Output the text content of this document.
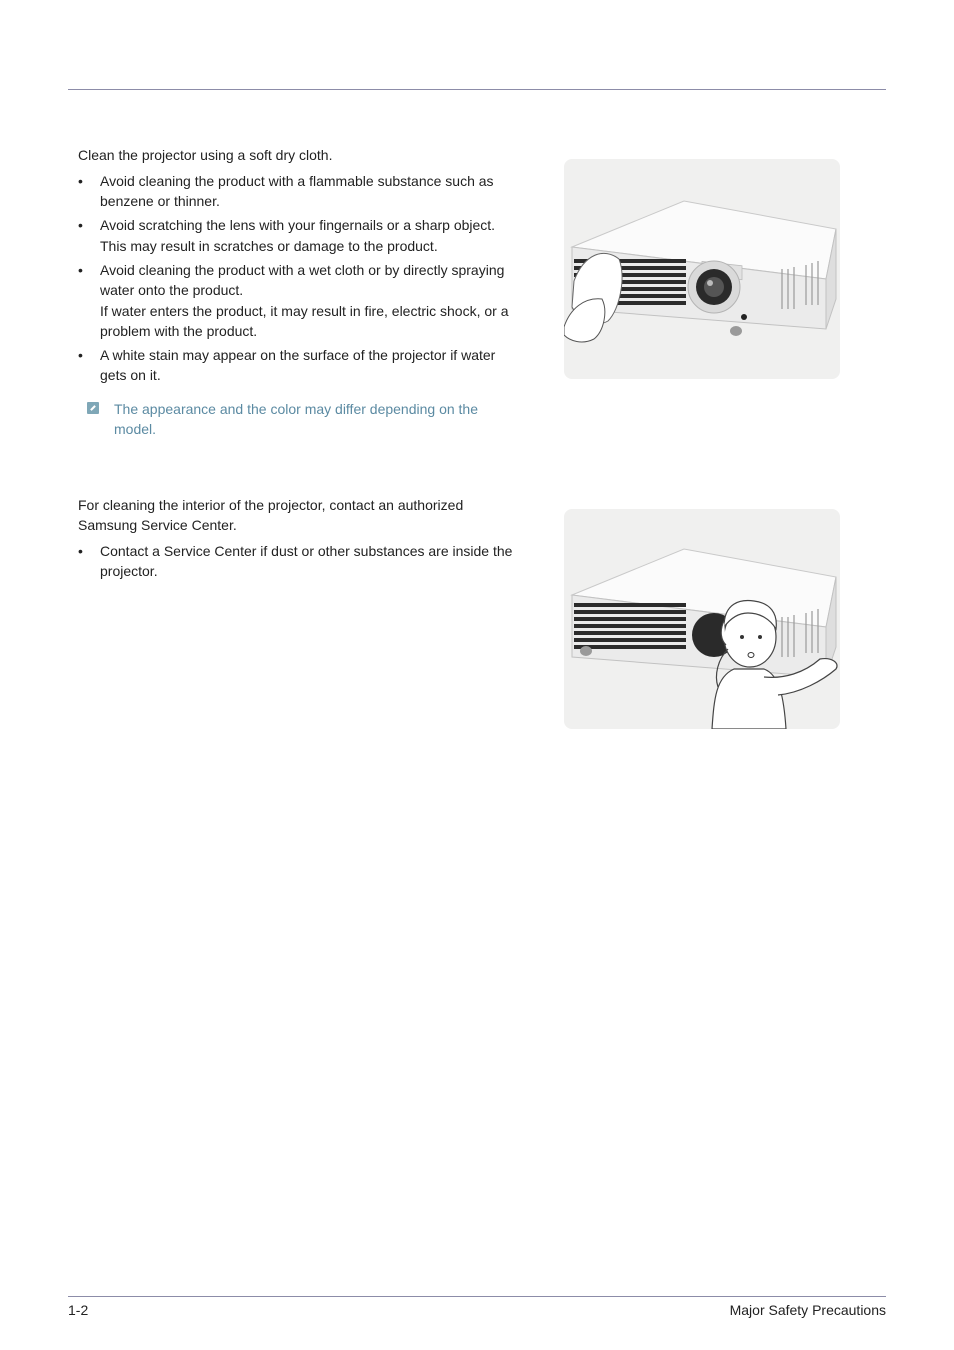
Clean the projector using a soft dry cloth.

• Avoid cleaning the product with a flammable substance such as benzene or thinner.
• Avoid scratching the lens with your fingernails or a sharp object.
This may result in scratches or damage to the product.
• Avoid cleaning the product with a wet cloth or by directly spraying water onto the product.
If water enters the product, it may result in fire, electric shock, or a problem with the product.
• A white stain may appear on the surface of the projector if water gets on it.
The appearance and the color may differ depending on the model.

For cleaning the interior of the projector, contact an authorized Samsung Service Center.

• Contact a Service Center if dust or other substances are inside the projector.
1-2	Major Safety Precautions
